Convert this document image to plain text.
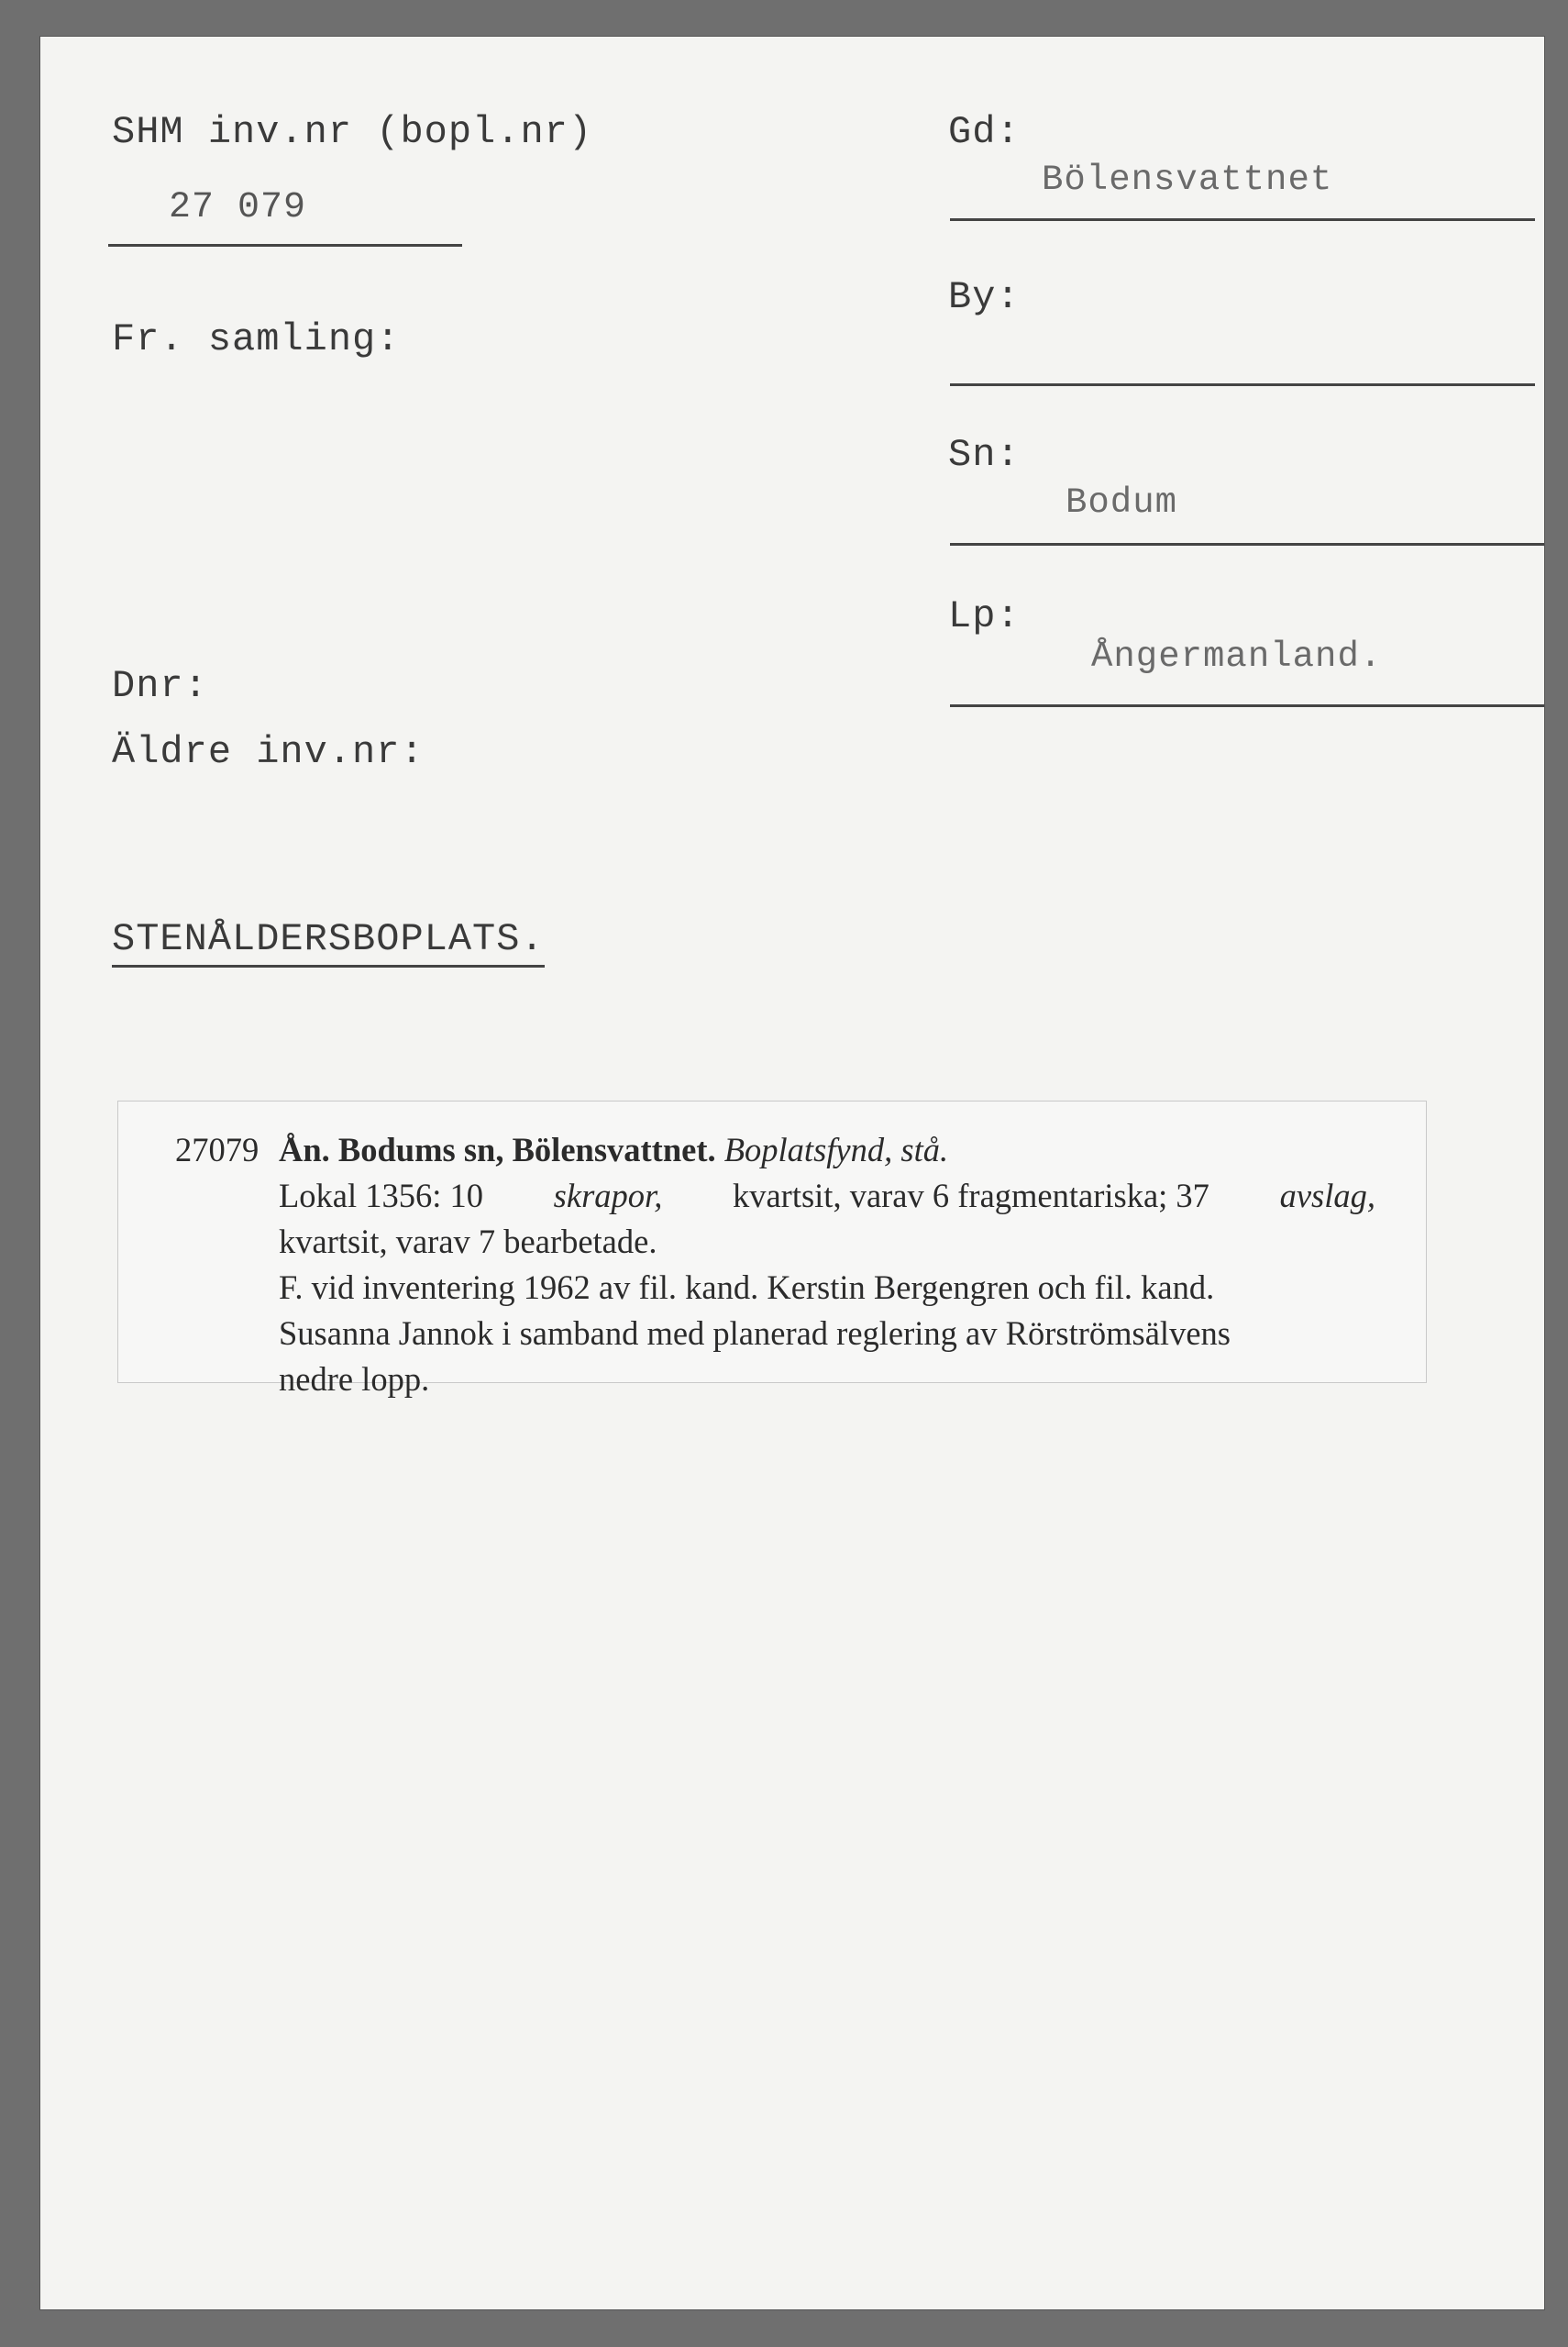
SHM inv.nr (bopl.nr)
27 079
Fr. samling:
Dnr:
Äldre inv.nr:
STENÅLDERSBOPLATS.
Gd:
Bölensvattnet
By:
Sn:
Bodum
Lp:
Ångermanland.
27079 Ån. Bodums sn, Bölensvattnet. Boplatsfynd, stå.
Lokal 1356: 10 skrapor, kvartsit, varav 6 fragmentariska; 37 avslag,
kvartsit, varav 7 bearbetade.
F. vid inventering 1962 av fil. kand. Kerstin Bergengren och fil. kand.
Susanna Jannok i samband med planerad reglering av Rörströmsälvens
nedre lopp.
